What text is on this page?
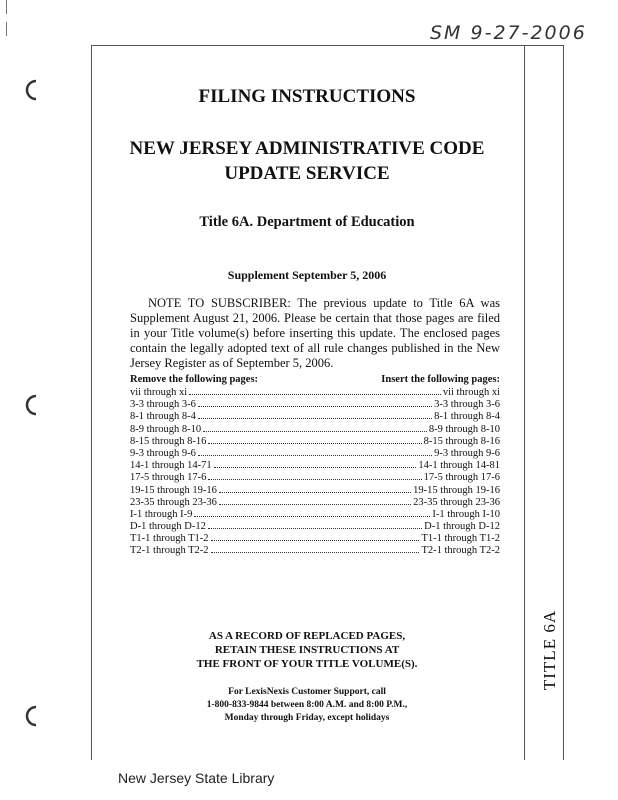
SM 9-27-2006
TITLE 6A
FILING INSTRUCTIONS
NEW JERSEY ADMINISTRATIVE CODE
UPDATE SERVICE
Title 6A. Department of Education
Supplement September 5, 2006
NOTE TO SUBSCRIBER: The previous update to Title 6A was Supplement August 21, 2006. Please be certain that those pages are filed in your Title volume(s) before inserting this update. The enclosed pages contain the legally adopted text of all rule changes published in the New Jersey Register as of September 5, 2006.
Remove the following pages:	Insert the following pages:
vii through xi	vii through xi
3-3 through 3-6	3-3 through 3-6
8-1 through 8-4	8-1 through 8-4
8-9 through 8-10	8-9 through 8-10
8-15 through 8-16	8-15 through 8-16
9-3 through 9-6	9-3 through 9-6
14-1 through 14-71	14-1 through 14-81
17-5 through 17-6	17-5 through 17-6
19-15 through 19-16	19-15 through 19-16
23-35 through 23-36	23-35 through 23-36
I-1 through I-9	I-1 through I-10
D-1 through D-12	D-1 through D-12
T1-1 through T1-2	T1-1 through T1-2
T2-1 through T2-2	T2-1 through T2-2
AS A RECORD OF REPLACED PAGES,
RETAIN THESE INSTRUCTIONS AT
THE FRONT OF YOUR TITLE VOLUME(S).
For LexisNexis Customer Support, call
1-800-833-9844 between 8:00 A.M. and 8:00 P.M.,
Monday through Friday, except holidays
New Jersey State Library
